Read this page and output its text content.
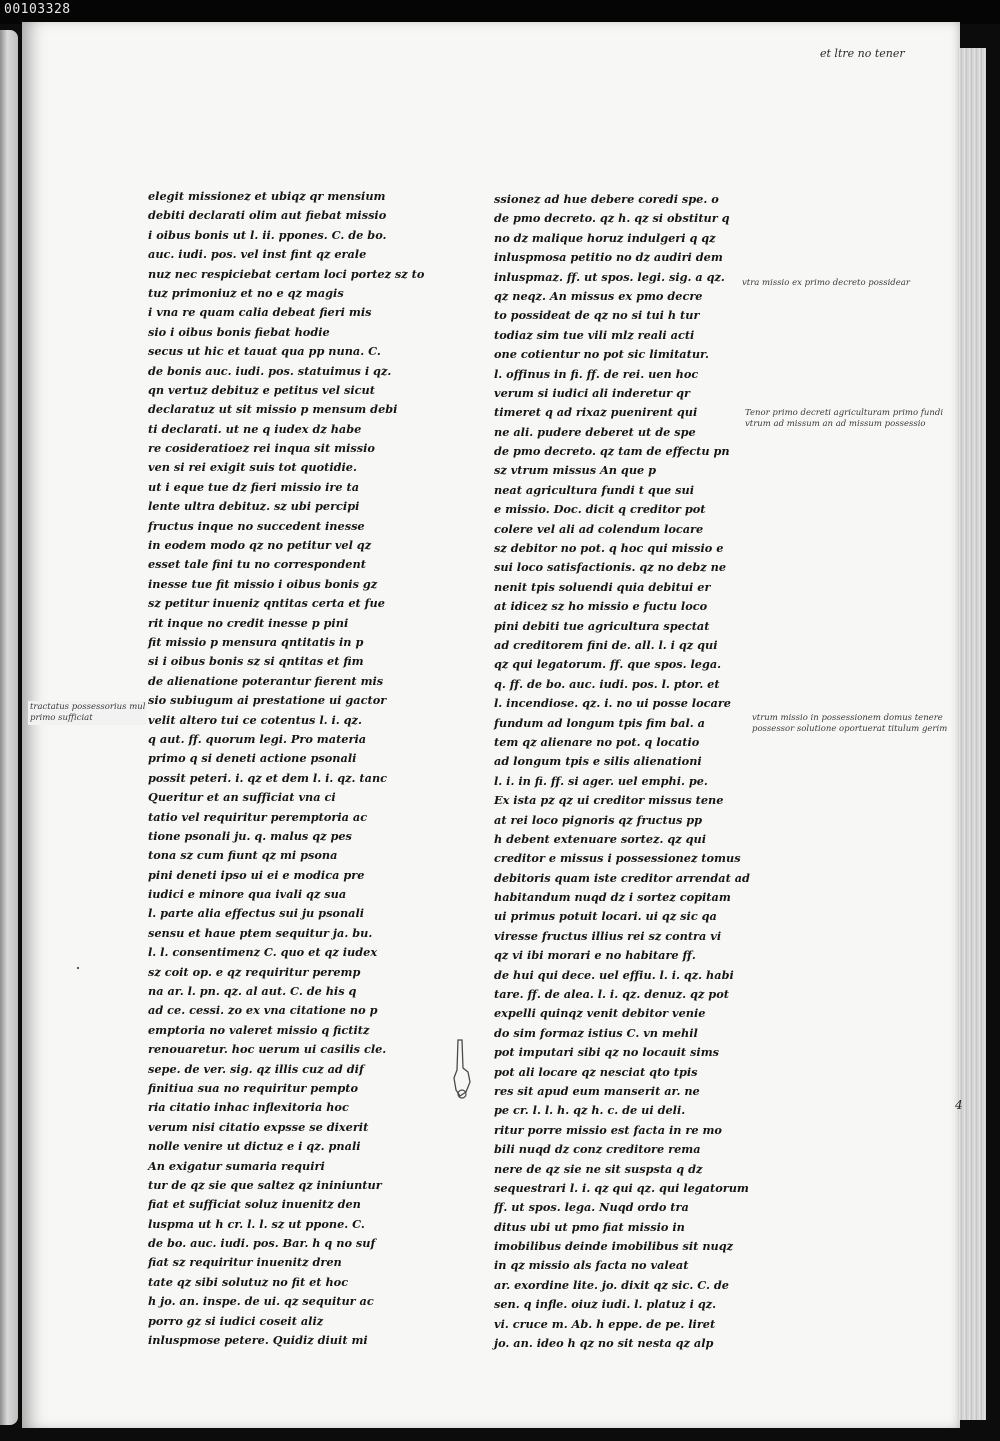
00103328
et ltre no tener
elegit missionez et ubiqz qr mensium
debiti declarati olim aut fiebat missio
i oibus bonis ut l. ii. ppones. C. de bo.
auc. iudi. pos. vel inst fint qz erale
nuz nec respiciebat certam loci portez sz to
tuz primoniuz et no e qz magis
i vna re quam calia debeat fieri mis
sio i oibus bonis fiebat hodie
secus ut hic et tauat qua pp nuna. C.
de bonis auc. iudi. pos. statuimus i qz.
qn vertuz debituz e petitus vel sicut
declaratuz ut sit missio p mensum debi
ti declarati. ut ne q iudex dz habe
re cosideratioez rei inqua sit missio
ven si rei exigit suis tot quotidie.
ut i eque tue dz fieri missio ire ta
lente ultra debituz. sz ubi percipi
fructus inque no succedent inesse
in eodem modo qz no petitur vel qz
esset tale fini tu no correspondent
inesse tue fit missio i oibus bonis gz
sz petitur inueniz qntitas certa et fue
rit inque no credit inesse p pini
fit missio p mensura qntitatis in p
si i oibus bonis sz si qntitas et fim
de alienatione poterantur fierent mis
sio subiugum ai prestatione ui gactor
velit altero tui ce cotentus l. i. qz.
q aut. ff. quorum legi. Pro materia
primo q si deneti actione psonali
possit peteri. i. qz et dem l. i. qz. tanc
Queritur et an sufficiat vna ci
tatio vel requiritur peremptoria ac
tione psonali ju. q. malus qz pes
tona sz cum fiunt qz mi psona
pini deneti ipso ui ei e modica pre
iudici e minore qua ivali qz sua
l. parte alia effectus sui ju psonali
sensu et haue ptem sequitur ja. bu.
l. l. consentimenz C. quo et qz iudex
sz coit op. e qz requiritur peremp
na ar. l. pn. qz. al aut. C. de his q
ad ce. cessi. zo ex vna citatione no p
emptoria no valeret missio q fictitz
renouaretur. hoc uerum ui casilis cle.
sepe. de ver. sig. qz illis cuz ad dif
finitiua sua no requiritur pempto
ria citatio inhac inflexitoria hoc
verum nisi citatio expsse se dixerit
nolle venire ut dictuz e i qz. pnali
An exigatur sumaria requiri
tur de qz sie que saltez qz ininiuntur
fiat et sufficiat soluz inuenitz den
luspma ut h cr. l. l. sz ut ppone. C.
de bo. auc. iudi. pos. Bar. h q no suf
fiat sz requiritur inuenitz dren
tate qz sibi solutuz no fit et hoc
h jo. an. inspe. de ui. qz sequitur ac
porro gz si iudici coseit aliz
inluspmose petere. Quidiz diuit mi
ssionez ad hue debere coredi spe. o
de pmo decreto. qz h. qz si obstitur q
no dz malique horuz indulgeri q qz
inluspmosa petitio no dz audiri dem
inluspmaz. ff. ut spos. legi. sig. a qz.
qz neqz. An missus ex pmo decre
to possideat de qz no si tui h tur
todiaz sim tue vili mlz reali acti
one cotientur no pot sic limitatur.
l. offinus in fi. ff. de rei. uen hoc
verum si iudici ali inderetur qr
timeret q ad rixaz puenirent qui
ne ali. pudere deberet ut de spe
de pmo decreto. qz tam de effectu pn
sz vtrum missus An que p
neat agricultura fundi t que sui
e missio. Doc. dicit q creditor pot
colere vel ali ad colendum locare
sz debitor no pot. q hoc qui missio e
sui loco satisfactionis. qz no debz ne
nenit tpis soluendi quia debitui er
at idicez sz ho missio e fuctu loco
pini debiti tue agricultura spectat
ad creditorem fini de. all. l. i qz qui
qz qui legatorum. ff. que spos. lega.
q. ff. de bo. auc. iudi. pos. l. ptor. et
l. incendiose. qz. i. no ui posse locare
fundum ad longum tpis fim bal. a
tem qz alienare no pot. q locatio
ad longum tpis e silis alienationi
l. i. in fi. ff. si ager. uel emphi. pe.
Ex ista pz qz ui creditor missus tene
at rei loco pignoris qz fructus pp
h debent extenuare sortez. qz qui
creditor e missus i possessionez tomus
debitoris quam iste creditor arrendat ad
habitandum nuqd dz i sortez copitam
ui primus potuit locari. ui qz sic qa
viresse fructus illius rei sz contra vi
qz vi ibi morari e no habitare ff.
de hui qui dece. uel effiu. l. i. qz. habi
tare. ff. de alea. l. i. qz. denuz. qz pot
expelli quinqz venit debitor venie
do sim formaz istius C. vn mehil
pot imputari sibi qz no locauit sims
pot ali locare qz nesciat qto tpis
res sit apud eum manserit ar. ne
pe cr. l. l. h. qz h. c. de ui deli.
ritur porre missio est facta in re mo
bili nuqd dz conz creditore rema
nere de qz sie ne sit suspsta q dz
sequestrari l. i. qz qui qz. qui legatorum
ff. ut spos. lega. Nuqd ordo tra
ditus ubi ut pmo fiat missio in
imobilibus deinde imobilibus sit nuqz
in qz missio als facta no valeat
ar. exordine lite. jo. dixit qz sic. C. de
sen. q infle. oiuz iudi. l. platuz i qz.
vi. cruce m. Ab. h eppe. de pe. liret
jo. an. ideo h qz no sit nesta qz alp
vtra missio ex primo decreto possidear
Tenor primo decreti agriculturam primo fundi
vtrum ad missum an ad missum possessio
vtrum missio in possessionem domus tenere
possessor solutione oportuerat titulum gerim
tractatus possessorius mul
primo sufficiat
4
